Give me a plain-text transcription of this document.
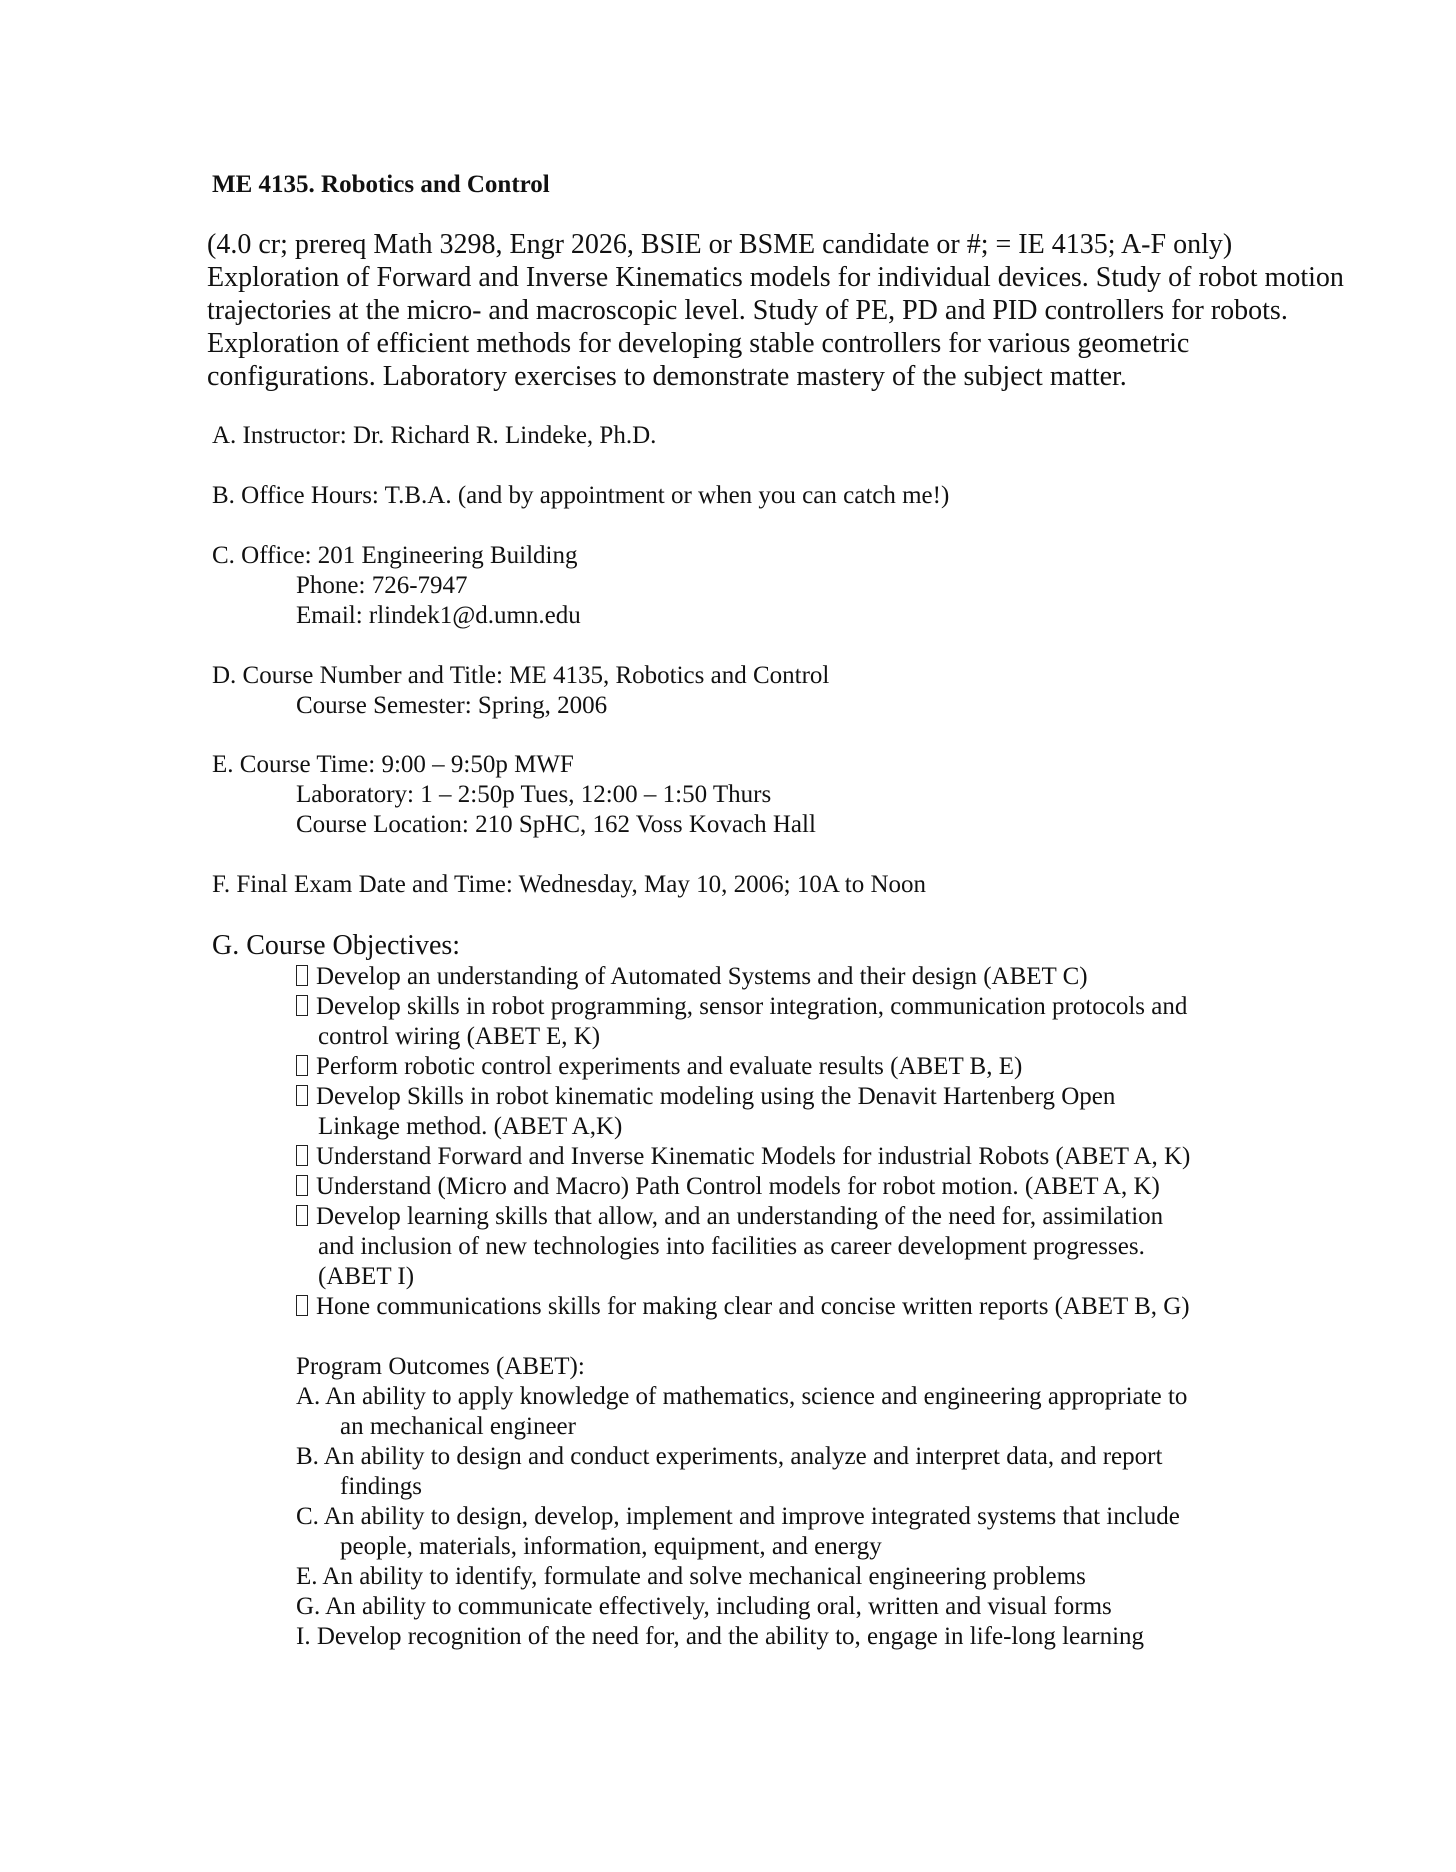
ME 4135. Robotics and Control
(4.0 cr; prereq Math 3298, Engr 2026, BSIE or BSME candidate or #; = IE 4135; A-F only)
Exploration of Forward and Inverse Kinematics models for individual devices. Study of robot motion
trajectories at the micro- and macroscopic level. Study of PE, PD and PID controllers for robots.
Exploration of efficient methods for developing stable controllers for various geometric
configurations. Laboratory exercises to demonstrate mastery of the subject matter.
A. Instructor: Dr. Richard R. Lindeke, Ph.D.
B. Office Hours: T.B.A. (and by appointment or when you can catch me!)
C. Office: 201 Engineering Building
Phone: 726-7947
Email: rlindek1@d.umn.edu
D. Course Number and Title: ME 4135, Robotics and Control
Course Semester: Spring, 2006
E. Course Time: 9:00 – 9:50p MWF
Laboratory: 1 – 2:50p Tues, 12:00 – 1:50 Thurs
Course Location: 210 SpHC, 162 Voss Kovach Hall
F. Final Exam Date and Time: Wednesday, May 10, 2006; 10A to Noon
G. Course Objectives:
Develop an understanding of Automated Systems and their design (ABET C)
Develop skills in robot programming, sensor integration, communication protocols and
control wiring (ABET E, K)
Perform robotic control experiments and evaluate results (ABET B, E)
Develop Skills in robot kinematic modeling using the Denavit Hartenberg Open
Linkage method. (ABET A,K)
Understand Forward and Inverse Kinematic Models for industrial Robots (ABET A, K)
Understand (Micro and Macro) Path Control models for robot motion. (ABET A, K)
Develop learning skills that allow, and an understanding of the need for, assimilation
and inclusion of new technologies into facilities as career development progresses.
(ABET I)
Hone communications skills for making clear and concise written reports (ABET B, G)
Program Outcomes (ABET):
A. An ability to apply knowledge of mathematics, science and engineering appropriate to
an mechanical engineer
B. An ability to design and conduct experiments, analyze and interpret data, and report
findings
C. An ability to design, develop, implement and improve integrated systems that include
people, materials, information, equipment, and energy
E. An ability to identify, formulate and solve mechanical engineering problems
G. An ability to communicate effectively, including oral, written and visual forms
I. Develop recognition of the need for, and the ability to, engage in life-long learning
